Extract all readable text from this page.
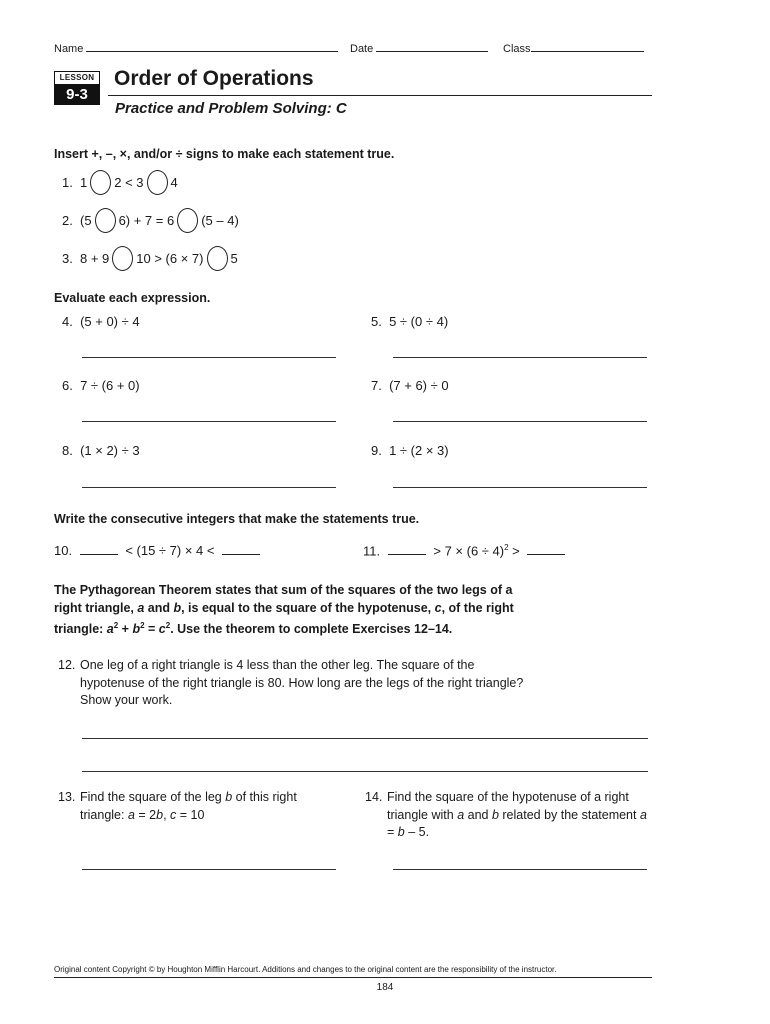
Name	Date	Class
LESSON
9-3
Order of Operations
Practice and Problem Solving: C
Insert +, –, ×, and/or ÷ signs to make each statement true.
1. 1 2 < 3 4
2. (5 6) + 7 = 6 (5 – 4)
3. 8 + 9 10 > (6 × 7) 5
Evaluate each expression.
4. (5 + 0) ÷ 4	5. 5 ÷ (0 ÷ 4)
6. 7 ÷ (6 + 0)	7. (7 + 6) ÷ 0
8. (1 × 2) ÷ 3	9. 1 ÷ (2 × 3)
Write the consecutive integers that make the statements true.
10.	< (15 ÷ 7) × 4 <	11.	> $7 \times (6 \div 4)^2$ >
The Pythagorean Theorem states that sum of the squares of the two legs of a right triangle, a and b, is equal to the square of the hypotenuse, c, of the right triangle: $a^2 + b^2 = c^2$. Use the theorem to complete Exercises 12–14.
12. One leg of a right triangle is 4 less than the other leg. The square of the hypotenuse of the right triangle is 80. How long are the legs of the right triangle? Show your work.
13. Find the square of the leg b of this right triangle: a = 2b, c = 10
14. Find the square of the hypotenuse of a right triangle with a and b related by the statement a = b – 5.
Original content Copyright © by Houghton Mifflin Harcourt. Additions and changes to the original content are the responsibility of the instructor.
184
